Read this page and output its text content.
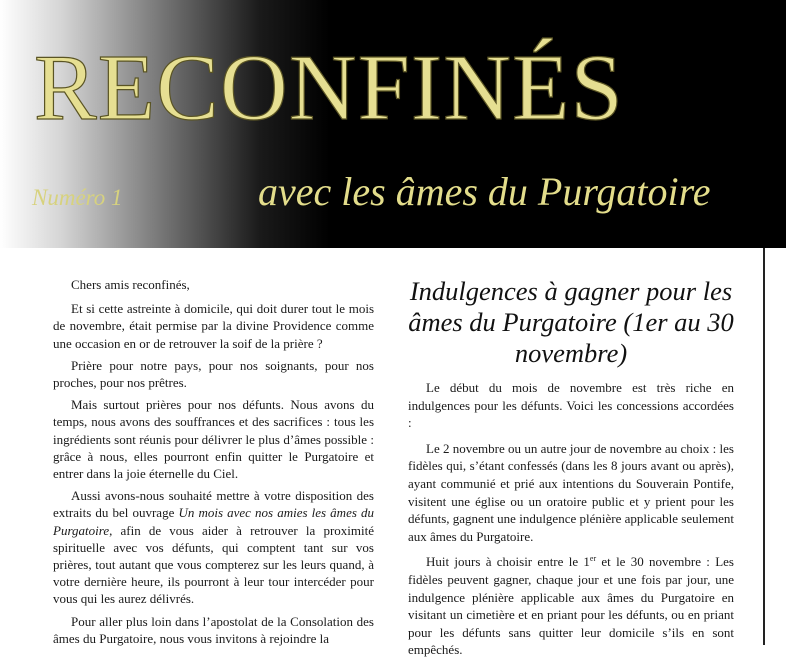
RECONFINÉS
Numéro 1	avec les âmes du Purgatoire

Chers amis reconfinés,

Et si cette astreinte à domicile, qui doit durer tout le mois de novembre, était permise par la divine Providence comme une occasion en or de retrouver la soif de la prière ?

Prière pour notre pays, pour nos soignants, pour nos proches, pour nos prêtres.

Mais surtout prières pour nos défunts. Nous avons du temps, nous avons des souffrances et des sacrifices : tous les ingrédients sont réunis pour délivrer le plus d’âmes possible : grâce à nous, elles pourront enfin quitter le Purgatoire et entrer dans la joie éternelle du Ciel.

Aussi avons-nous souhaité mettre à votre disposition des extraits du bel ouvrage Un mois avec nos amies les âmes du Purgatoire, afin de vous aider à retrouver la proximité spirituelle avec vos défunts, qui comptent tant sur vos prières, tout autant que vous compterez sur les leurs quand, à votre dernière heure, ils pourront à leur tour intercéder pour vous qui les aurez délivrés.

Pour aller plus loin dans l’apostolat de la Consolation des âmes du Purgatoire, nous vous invitons à rejoindre la

Indulgences à gagner pour les âmes du Purgatoire (1er au 30 novembre)

Le début du mois de novembre est très riche en indulgences pour les défunts. Voici les concessions accordées :

Le 2 novembre ou un autre jour de novembre au choix : les fidèles qui, s’étant confessés (dans les 8 jours avant ou après), ayant communié et prié aux intentions du Souverain Pontife, visitent une église ou un oratoire public et y prient pour les défunts, gagnent une indulgence plénière applicable seulement aux âmes du Purgatoire.

Huit jours à choisir entre le 1er et le 30 novembre : Les fidèles peuvent gagner, chaque jour et une fois par jour, une indulgence plénière applicable aux âmes du Purgatoire en visitant un cimetière et en priant pour les défunts, ou en priant pour les défunts sans quitter leur domicile s’ils en sont empêchés.
